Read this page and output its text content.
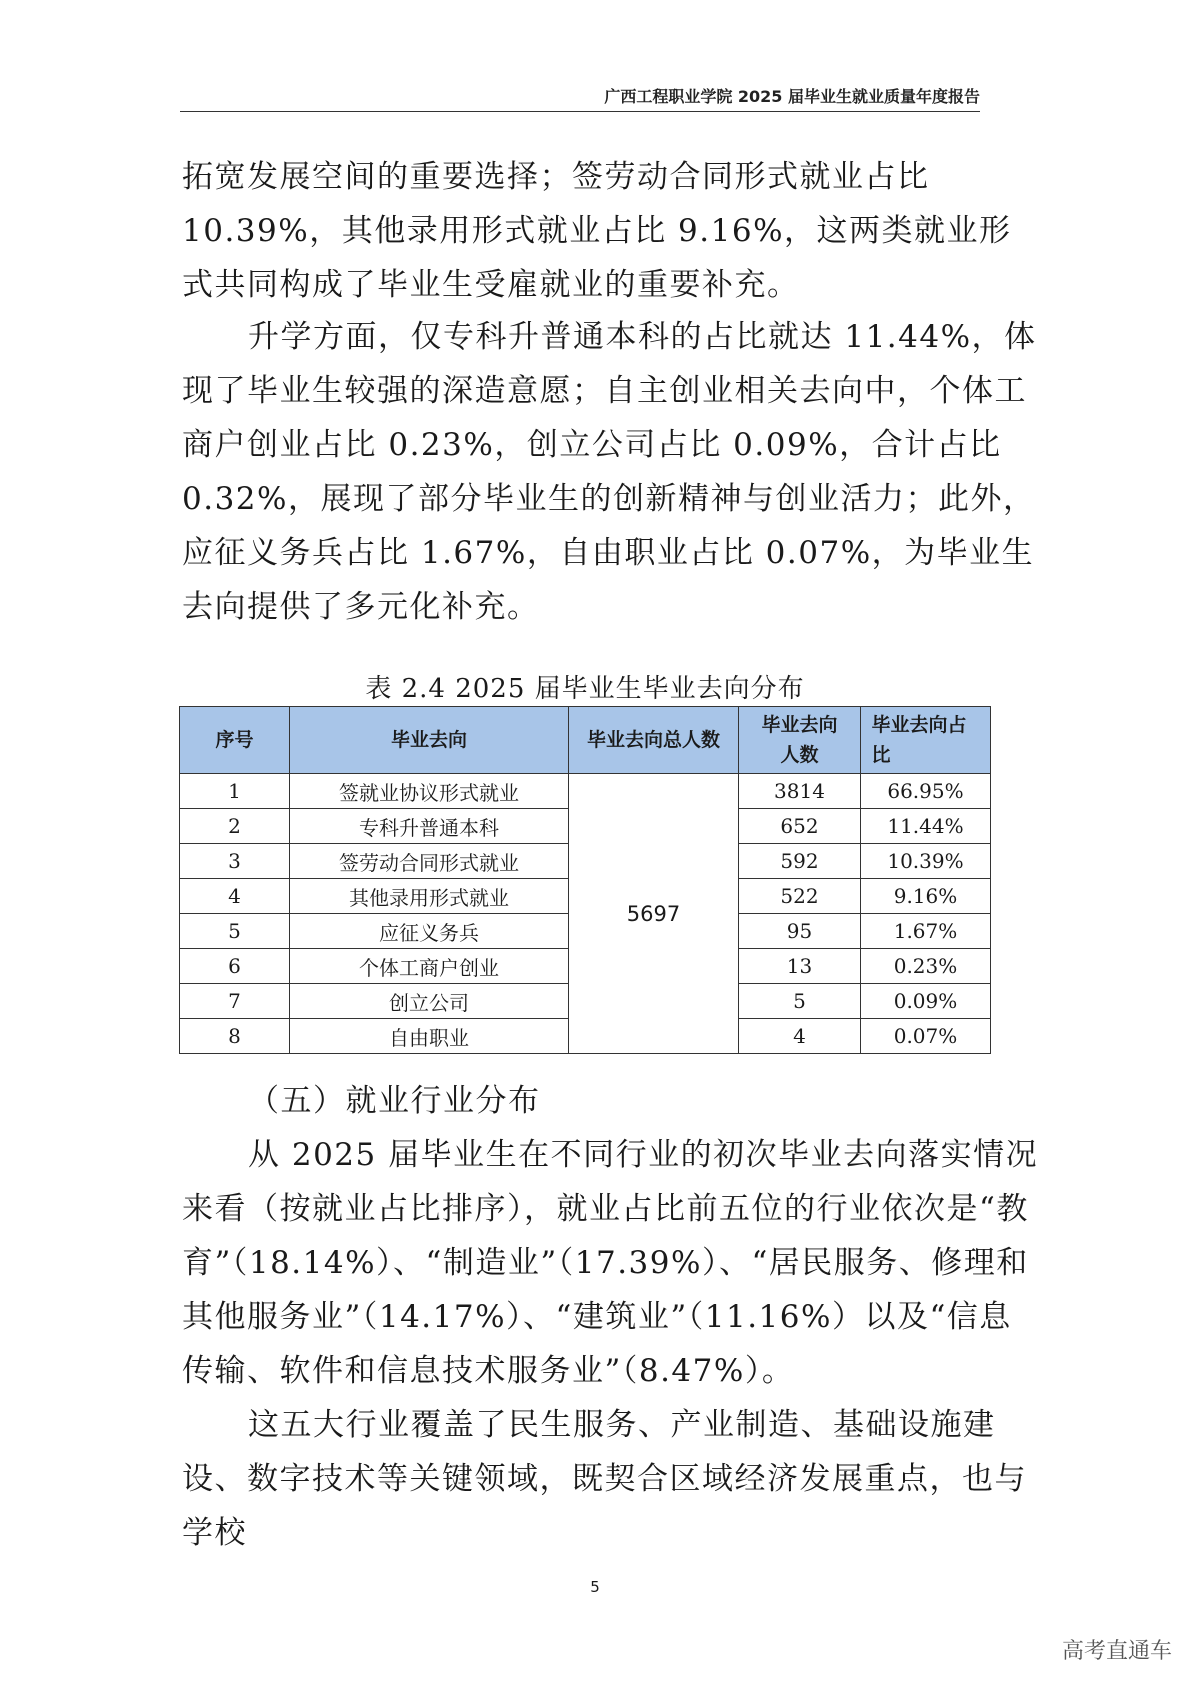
广西工程职业学院 2025 届毕业生就业质量年度报告

拓宽发展空间的重要选择；签劳动合同形式就业占比 10.39%，其他录用形式就业占比 9.16%，这两类就业形式共同构成了毕业生受雇就业的重要补充。

升学方面，仅专科升普通本科的占比就达 11.44%，体现了毕业生较强的深造意愿；自主创业相关去向中，个体工商户创业占比 0.23%，创立公司占比 0.09%，合计占比 0.32%，展现了部分毕业生的创新精神与创业活力；此外，应征义务兵占比 1.67%，自由职业占比 0.07%，为毕业生去向提供了多元化补充。

表 2.4 2025 届毕业生毕业去向分布
序号	毕业去向	毕业去向总人数	毕业去向人数	毕业去向占比

1	签就业协议形式就业	5697	3814	66.95%
2	专科升普通本科		652	11.44%
3	签劳动合同形式就业		592	10.39%
4	其他录用形式就业		522	9.16%
5	应征义务兵		95	1.67%
6	个体工商户创业		13	0.23%
7	创立公司		5	0.09%
8	自由职业		4	0.07%
（五）就业行业分布

从 2025 届毕业生在不同行业的初次毕业去向落实情况来看（按就业占比排序），就业占比前五位的行业依次是“教育”（18.14%）、“制造业”（17.39%）、“居民服务、修理和其他服务业”（14.17%）、“建筑业”（11.16%）以及“信息传输、软件和信息技术服务业”（8.47%）。

这五大行业覆盖了民生服务、产业制造、基础设施建设、数字技术等关键领域，既契合区域经济发展重点，也与学校

5
高考直通车
